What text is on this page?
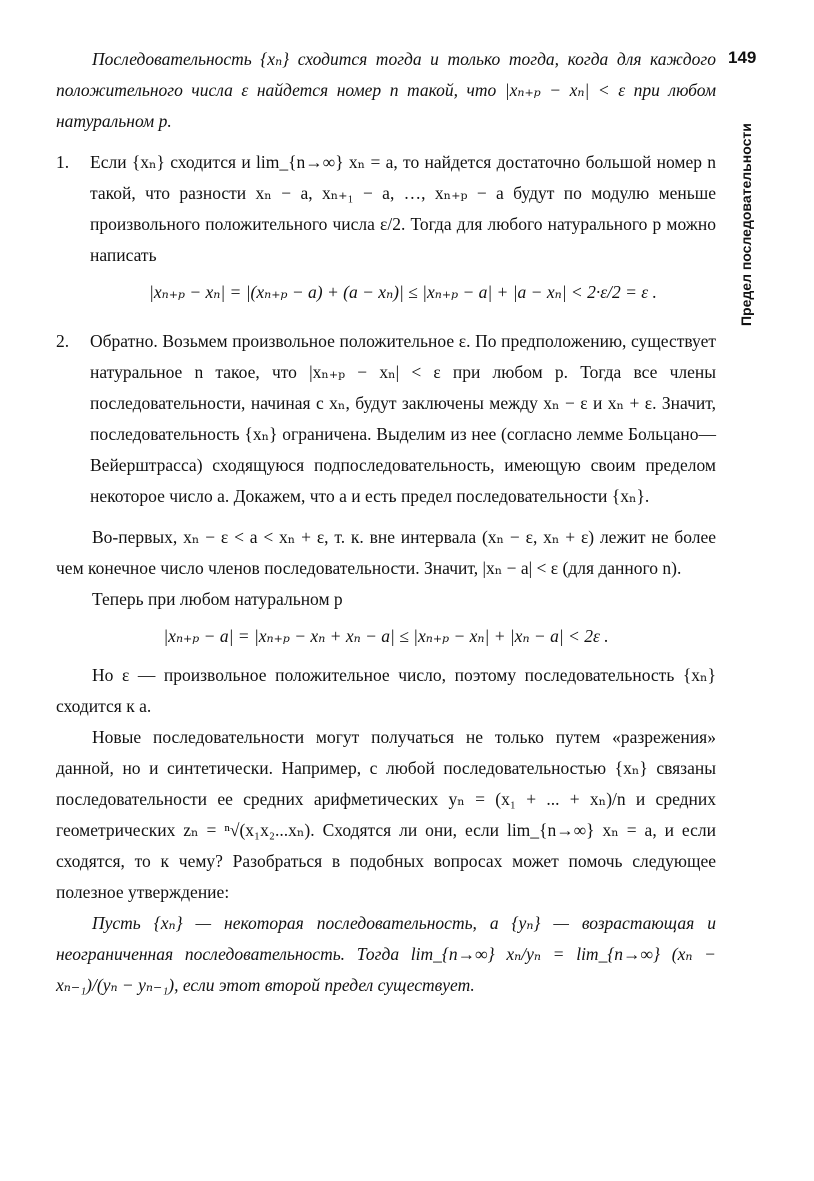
149
Предел последовательности

Последовательность {xₙ} сходится тогда и только тогда, когда для каждого положительного числа ε найдется номер n такой, что |xₙ₊ₚ − xₙ| < ε при любом натуральном p.

1.	Если {xₙ} сходится и lim_{n→∞} xₙ = a, то найдется достаточно большой номер n такой, что разности xₙ − a, xₙ₊₁ − a, …, xₙ₊ₚ − a будут по модулю меньше произвольного положительного числа ε/2. Тогда для любого натурального p можно написать

|xₙ₊ₚ − xₙ| = |(xₙ₊ₚ − a) + (a − xₙ)| ≤ |xₙ₊ₚ − a| + |a − xₙ| < 2·ε/2 = ε .
2.	Обратно. Возьмем произвольное положительное ε. По предположению, существует натуральное n такое, что |xₙ₊ₚ − xₙ| < ε при любом p. Тогда все члены последовательности, начиная с xₙ, будут заключены между xₙ − ε и xₙ + ε. Значит, последовательность {xₙ} ограничена. Выделим из нее (согласно лемме Больцано—Вейерштрасса) сходящуюся подпоследовательность, имеющую своим пределом некоторое число a. Докажем, что a и есть предел последовательности {xₙ}.

Во-первых, xₙ − ε < a < xₙ + ε, т. к. вне интервала (xₙ − ε, xₙ + ε) лежит не более чем конечное число членов последовательности. Значит, |xₙ − a| < ε (для данного n).

Теперь при любом натуральном p

|xₙ₊ₚ − a| = |xₙ₊ₚ − xₙ + xₙ − a| ≤ |xₙ₊ₚ − xₙ| + |xₙ − a| < 2ε .

Но ε — произвольное положительное число, поэтому последовательность {xₙ} сходится к a.

Новые последовательности могут получаться не только путем «разрежения» данной, но и синтетически. Например, с любой последовательностью {xₙ} связаны последовательности ее средних арифметических yₙ = (x₁ + ... + xₙ)/n и средних геометрических zₙ = ⁿ√(x₁x₂...xₙ). Сходятся ли они, если lim_{n→∞} xₙ = a, и если сходятся, то к чему? Разобраться в подобных вопросах может помочь следующее полезное утверждение:

Пусть {xₙ} — некоторая последовательность, а {yₙ} — возрастающая и неограниченная последовательность. Тогда lim_{n→∞} xₙ/yₙ = lim_{n→∞} (xₙ − xₙ₋₁)/(yₙ − yₙ₋₁), если этот второй предел существует.
